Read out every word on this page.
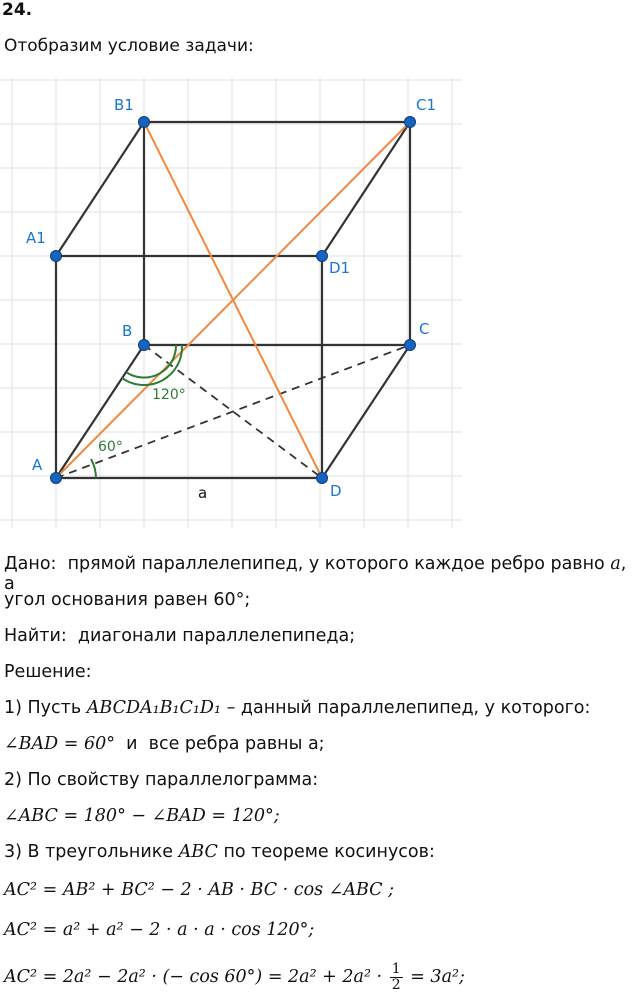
24.
Отобразим условие задачи:
A
B	C
D
A1
B1	C1
D1
120°
60°
a
Дано: прямой параллелепипед, у которого каждое ребро равно a, а
угол основания равен 60°;
Найти: диагонали параллелепипеда;
Решение:
1) Пусть ABCDA₁B₁C₁D₁ – данный параллелепипед, у которого:
∠BAD = 60° и все ребра равны a;
2) По свойству параллелограмма:
∠ABC = 180° − ∠BAD = 120°;
3) В треугольнике ABC по теореме косинусов:
AC² = AB² + BC² − 2 · AB · BC · cos ∠ABC ;
AC² = a² + a² − 2 · a · a · cos 120°;
AC² = 2a² − 2a² · (− $\cos 60^\circ) = 2a^2 + 2a^2 \cdot \frac{1}{2} = 3a^2$;
